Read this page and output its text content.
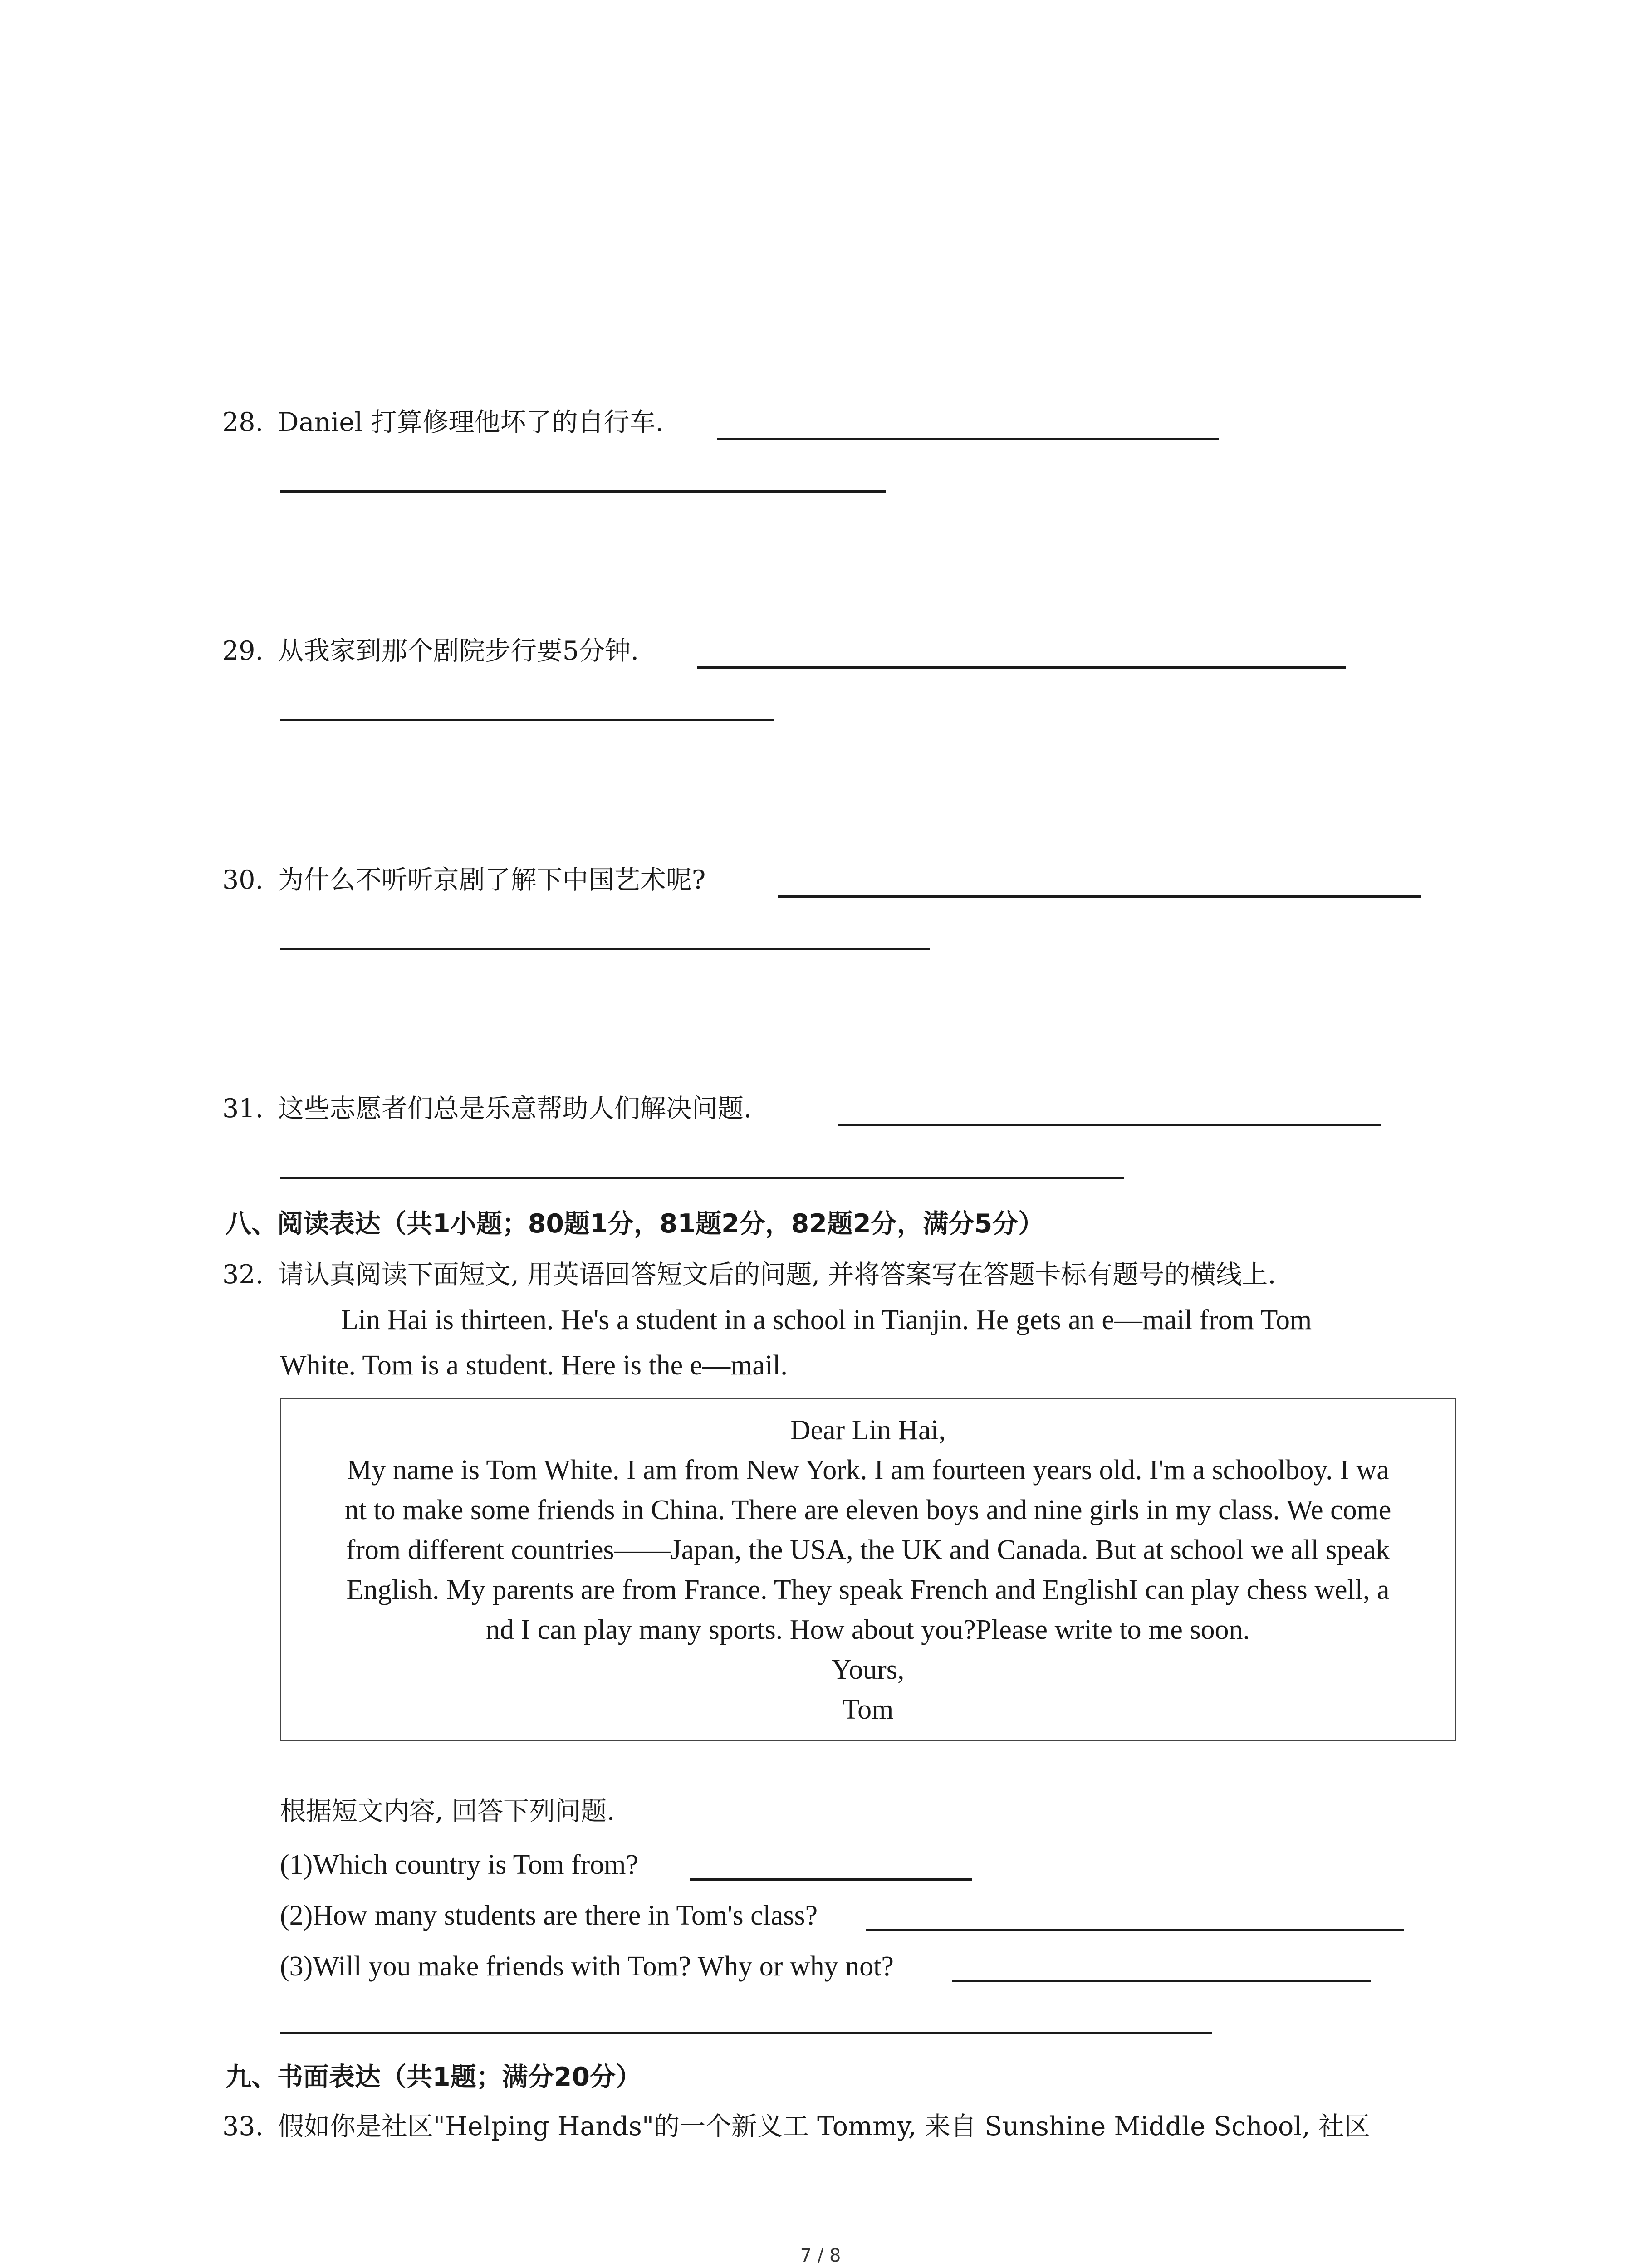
28. Daniel 打算修理他坏了的自行车.
29. 从我家到那个剧院步行要5分钟.
30. 为什么不听听京剧了解下中国艺术呢?
31. 这些志愿者们总是乐意帮助人们解决问题.
八、阅读表达（共1小题；80题1分，81题2分，82题2分，满分5分）
32. 请认真阅读下面短文, 用英语回答短文后的问题, 并将答案写在答题卡标有题号的横线上.
Lin Hai is thirteen. He's a student in a school in Tianjin. He gets an e—mail from Tom
White. Tom is a student. Here is the e—mail.
Dear Lin Hai,
My name is Tom White. I am from New York. I am fourteen years old. I'm a schoolboy. I wa
nt to make some friends in China. There are eleven boys and nine girls in my class. We come
from different countries——Japan, the USA, the UK and Canada. But at school we all speak
English. My parents are from France. They speak French and EnglishI can play chess well, a
nd I can play many sports. How about you?Please write to me soon.
Yours,
Tom
根据短文内容, 回答下列问题.
(1)Which country is Tom from?
(2)How many students are there in Tom's class?
(3)Will you make friends with Tom? Why or why not?
九、书面表达（共1题；满分20分）
33. 假如你是社区"Helping Hands"的一个新义工 Tommy, 来自 Sunshine Middle School, 社区
7 / 8
